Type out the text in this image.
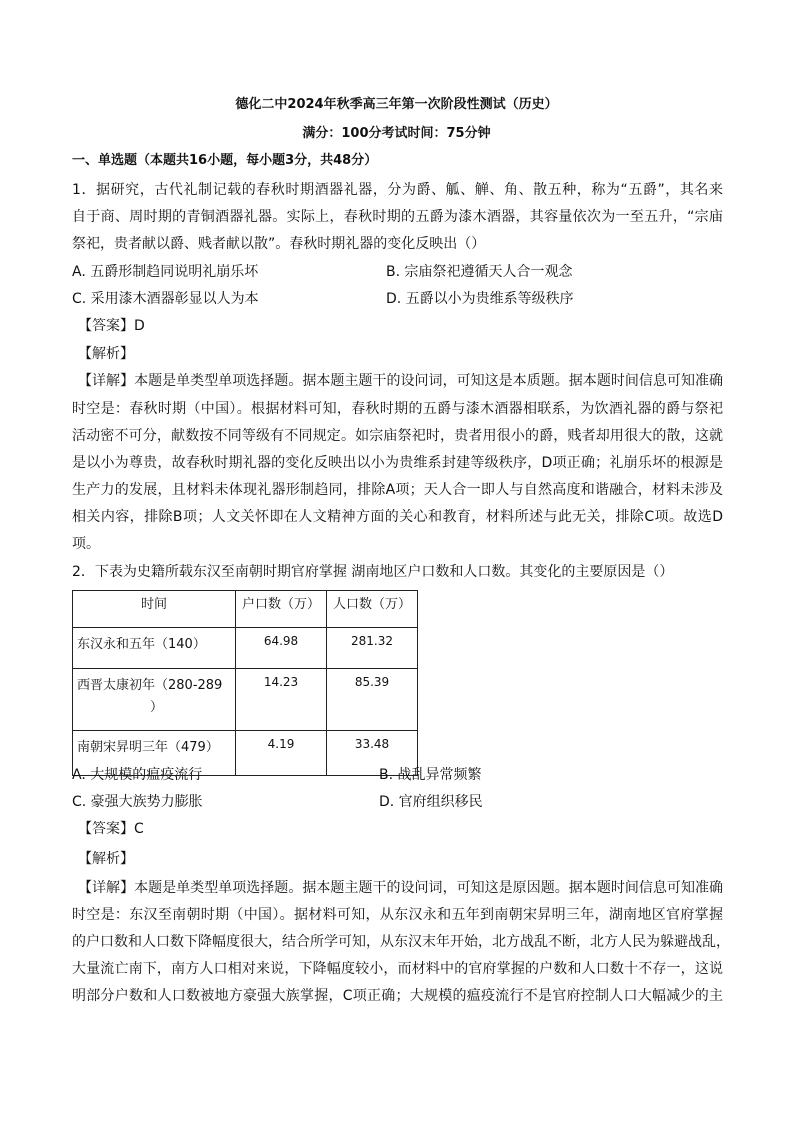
德化二中2024年秋季高三年第一次阶段性测试（历史）
满分：100分考试时间：75分钟
一、单选题（本题共16小题，每小题3分，共48分）
1．据研究，古代礼制记载的春秋时期酒器礼器，分为爵、觚、觯、角、散五种，称为“五爵”，其名来
自于商、周时期的青铜酒器礼器。实际上，春秋时期的五爵为漆木酒器，其容量依次为一至五升，“宗庙
祭祀，贵者献以爵、贱者献以散”。春秋时期礼器的变化反映出（）
A. 五爵形制趋同说明礼崩乐坏	B. 宗庙祭祀遵循天人合一观念
C. 采用漆木酒器彰显以人为本	D. 五爵以小为贵维系等级秩序
【答案】D
【解析】
【详解】本题是单类型单项选择题。据本题主题干的设问词，可知这是本质题。据本题时间信息可知准确
时空是：春秋时期（中国）。根据材料可知，春秋时期的五爵与漆木酒器相联系，为饮酒礼器的爵与祭祀
活动密不可分，献数按不同等级有不同规定。如宗庙祭祀时，贵者用很小的爵，贱者却用很大的散，这就
是以小为尊贵，故春秋时期礼器的变化反映出以小为贵维系封建等级秩序，D项正确；礼崩乐坏的根源是
生产力的发展，且材料未体现礼器形制趋同，排除A项；天人合一即人与自然高度和谐融合，材料未涉及
相关内容，排除B项；人文关怀即在人文精神方面的关心和教育，材料所述与此无关，排除C项。故选D
项。
2．下表为史籍所载东汉至南朝时期官府掌握 湖南地区户口数和人口数。其变化的主要原因是（）
时间	户口数（万）	人口数（万）
东汉永和五年（140）	64.98	281.32

西晋太康初年（280-289
）	14.23	85.39
南朝宋昇明三年（479）	4.19	33.48
A. 大规模的瘟疫流行	B. 战乱异常频繁
C. 豪强大族势力膨胀	D. 官府组织移民
【答案】C
【解析】
【详解】本题是单类型单项选择题。据本题主题干的设问词，可知这是原因题。据本题时间信息可知准确
时空是：东汉至南朝时期（中国）。据材料可知，从东汉永和五年到南朝宋昇明三年，湖南地区官府掌握
的户口数和人口数下降幅度很大，结合所学可知，从东汉末年开始，北方战乱不断，北方人民为躲避战乱，
大量流亡南下，南方人口相对来说，下降幅度较小，而材料中的官府掌握的户数和人口数十不存一，这说
明部分户数和人口数被地方豪强大族掌握，C项正确；大规模的瘟疫流行不是官府控制人口大幅减少的主
